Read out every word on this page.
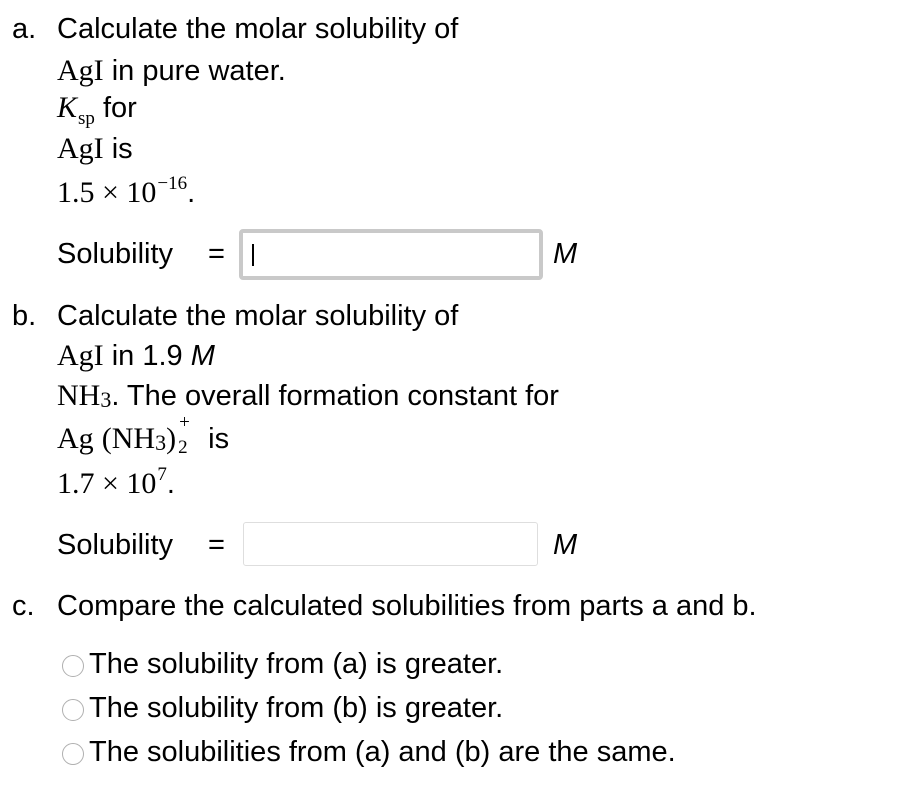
a. Calculate the molar solubility of
AgI in pure water.
$K_{sp}$ for
AgI is
$1.5 \times 10^{-16}$.
Solubility =	M
b. Calculate the molar solubility of
AgI in 1.9 M
NH3. The overall formation constant for
Ag (NH3) +
2 is
$1.7 \times 10^7$.
Solubility =	M
c. Compare the calculated solubilities from parts a and b.
The solubility from (a) is greater.
The solubility from (b) is greater.
The solubilities from (a) and (b) are the same.
